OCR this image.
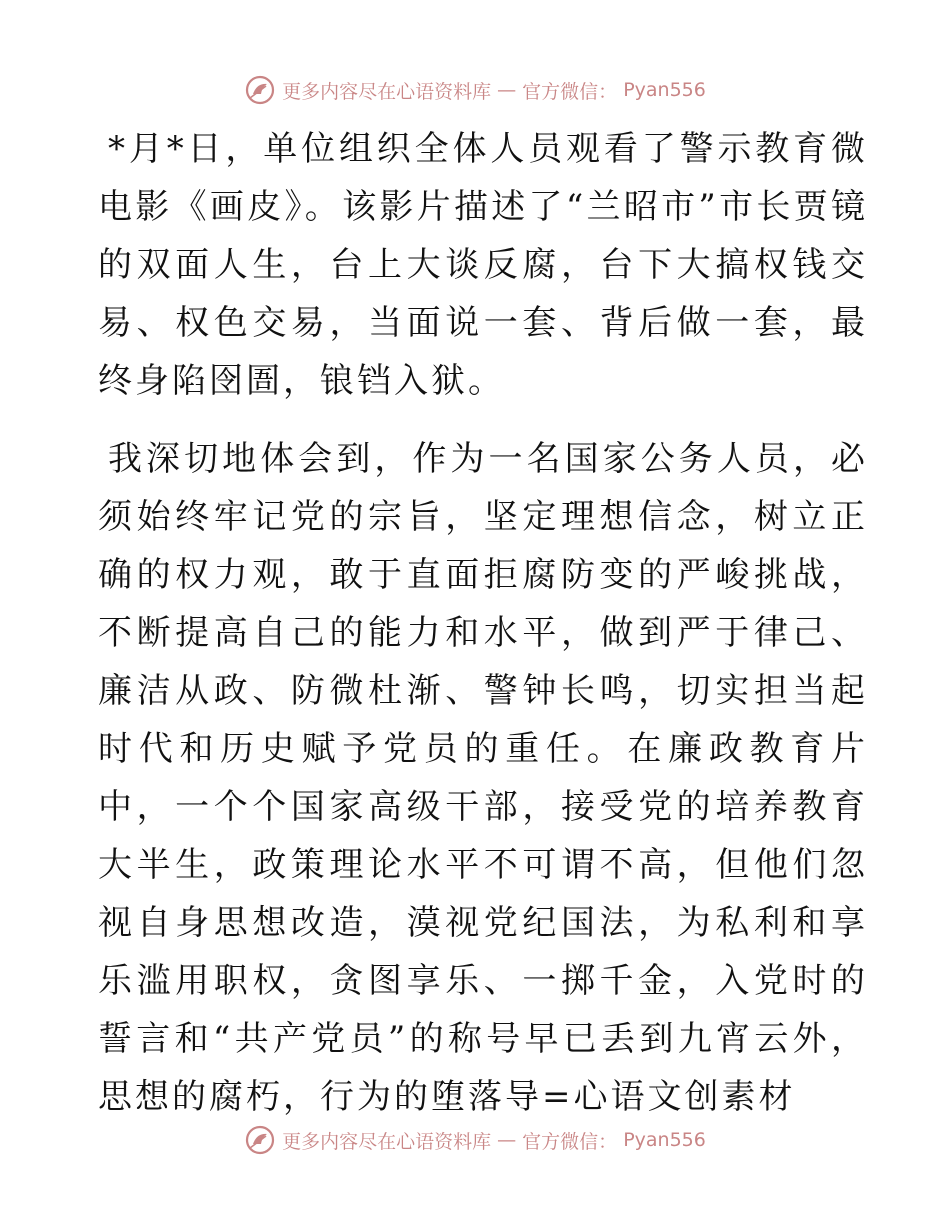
更多内容尽在心语资料库 — 官方微信： Pyan556

*月*日，单位组织全体人员观看了警示教育微电影《画皮》。该影片描述了“兰昭市”市长贾镜的双面人生，台上大谈反腐，台下大搞权钱交易、权色交易，当面说一套、背后做一套，最终身陷囹圄，锒铛入狱。

我深切地体会到，作为一名国家公务人员，必须始终牢记党的宗旨，坚定理想信念，树立正确的权力观，敢于直面拒腐防变的严峻挑战，不断提高自己的能力和水平，做到严于律己、廉洁从政、防微杜渐、警钟长鸣，切实担当起时代和历史赋予党员的重任。在廉政教育片中，一个个国家高级干部，接受党的培养教育大半生，政策理论水平不可谓不高，但他们忽视自身思想改造，漠视党纪国法，为私利和享乐滥用职权，贪图享乐、一掷千金，入党时的誓言和“共产党员”的称号早已丢到九宵云外，思想的腐朽，行为的堕落导=心语文创素材

更多内容尽在心语资料库 — 官方微信： Pyan556
